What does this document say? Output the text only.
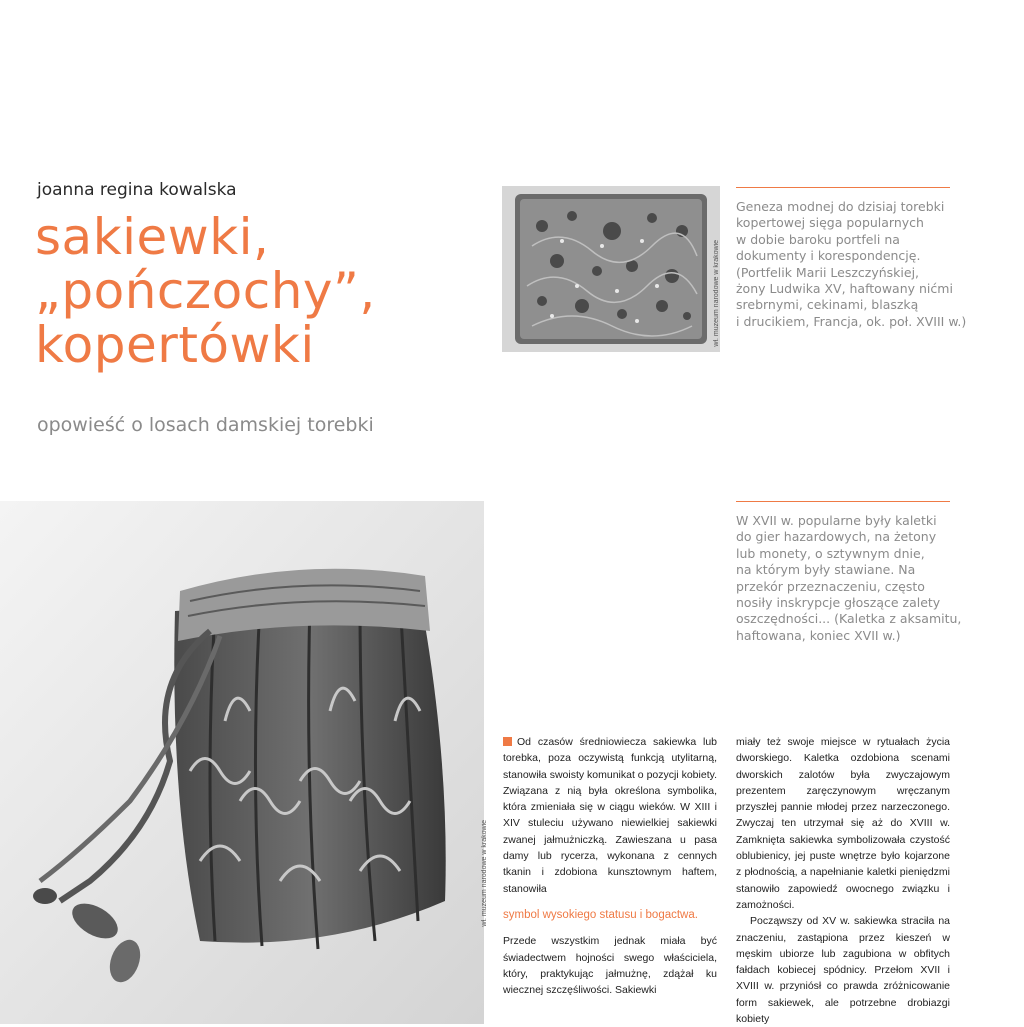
joanna regina kowalska
sakiewki,
„pończochy”,
kopertówki
opowieść o losach damskiej torebki
wł. muzeum narodowe w krakowie
Geneza modnej do dzisiaj torebki
kopertowej sięga popularnych
w dobie baroku portfeli na
dokumenty i korespondencję.
(Portfelik Marii Leszczyńskiej,
żony Ludwika XV, haftowany nićmi
srebrnymi, cekinami, blaszką
i drucikiem, Francja, ok. poł. XVIII w.)
W XVII w. popularne były kaletki
do gier hazardowych, na żetony
lub monety, o sztywnym dnie,
na którym były stawiane. Na
przekór przeznaczeniu, często
nosiły inskrypcje głoszące zalety
oszczędności... (Kaletka z aksamitu,
haftowana, koniec XVII w.)
wł. muzeum narodowe w krakowie

Od czasów średniowiecza sakiewka lub torebka, poza oczywistą funkcją utylitarną, stanowiła swoisty komunikat o pozycji kobiety. Związana z nią była określona symbolika, która zmieniała się w ciągu wieków. W XIII i XIV stuleciu używano niewielkiej sakiewki zwanej jałmużniczką. Zawieszana u pasa damy lub rycerza, wykonana z cennych tkanin i zdobiona kunsztownym haftem, stanowiła

symbol wysokiego statusu i bogactwa.

Przede wszystkim jednak miała być świadectwem hojności swego właściciela, który, praktykując jałmużnę, zdążał ku wiecznej szczęśliwości. Sakiewki

miały też swoje miejsce w rytuałach życia dworskiego. Kaletka ozdobiona scenami dworskich zalotów była zwyczajowym prezentem zaręczynowym wręczanym przyszłej pannie młodej przez narzeczonego. Zwyczaj ten utrzymał się aż do XVIII w. Zamknięta sakiewka symbolizowała czystość oblubienicy, jej puste wnętrze było kojarzone z płodnością, a napełnianie kaletki pieniędzmi stanowiło zapowiedź owocnego związku i zamożności.

Począwszy od XV w. sakiewka straciła na znaczeniu, zastąpiona przez kieszeń w męskim ubiorze lub zagubiona w obfitych fałdach kobiecej spódnicy. Przełom XVII i XVIII w. przyniósł co prawda zróżnicowanie form sakiewek, ale potrzebne drobiazgi kobiety
